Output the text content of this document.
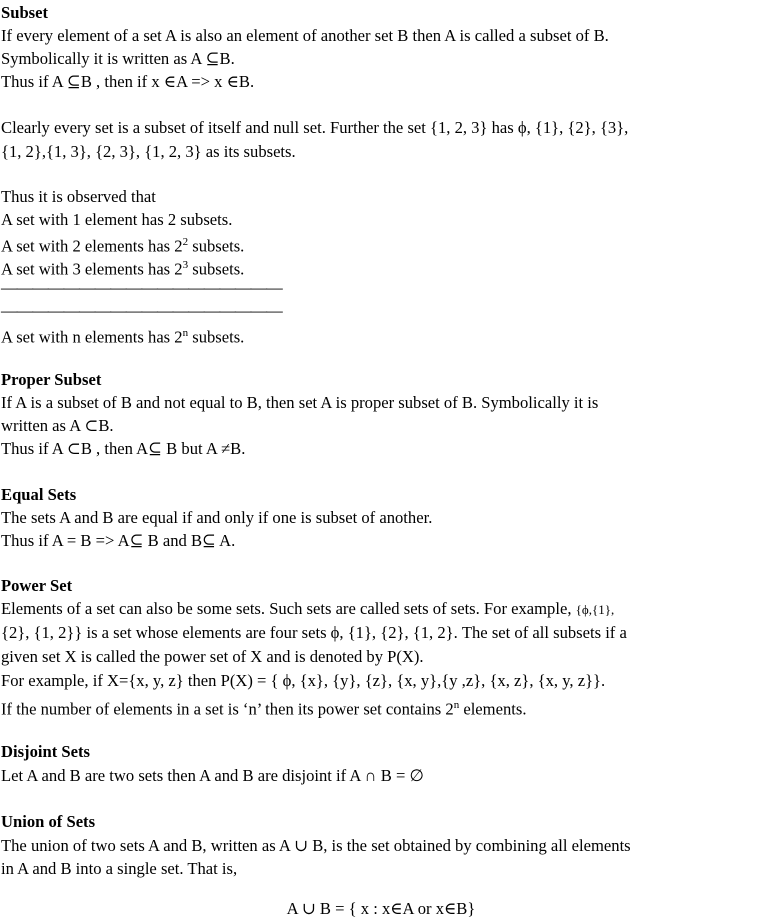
Subset
If every element of a set A is also an element of another set B then A is called a subset of B.
Symbolically it is written as A ⊆B.
Thus if A ⊆B , then if x ∈A => x ∈B.
Clearly every set is a subset of itself and null set. Further the set {1, 2, 3} has ϕ, {1}, {2}, {3},
{1, 2},{1, 3}, {2, 3}, {1, 2, 3} as its subsets.
Thus it is observed that
A set with 1 element has 2 subsets.
A set with 2 elements has $2^2$ subsets.
A set with 3 elements has $2^3$ subsets.
——————————————————
——————————————————
A set with n elements has 2$^n$ subsets.
Proper Subset
If A is a subset of B and not equal to B, then set A is proper subset of B. Symbolically it is
written as A ⊂B.
Thus if A ⊂B , then A⊆ B but A ≠B.
Equal Sets
The sets A and B are equal if and only if one is subset of another.
Thus if A = B => A⊆ B and B⊆ A.
Power Set
Elements of a set can also be some sets. Such sets are called sets of sets. For example, {ϕ,{1},
{2}, {1, 2}} is a set whose elements are four sets ϕ, {1}, {2}, {1, 2}. The set of all subsets if a
given set X is called the power set of X and is denoted by P(X).
For example, if X={x, y, z} then P(X) = { ϕ, {x}, {y}, {z}, {x, y},{y ,z}, {x, z}, {x, y, z}}.
If the number of elements in a set is ‘n’ then its power set contains 2$^n$ elements.
Disjoint Sets
Let A and B are two sets then A and B are disjoint if A ∩ B = ∅
Union of Sets
The union of two sets A and B, written as A ∪ B, is the set obtained by combining all elements
in A and B into a single set. That is,
A ∪ B = { x : x∈A or x∈B}
